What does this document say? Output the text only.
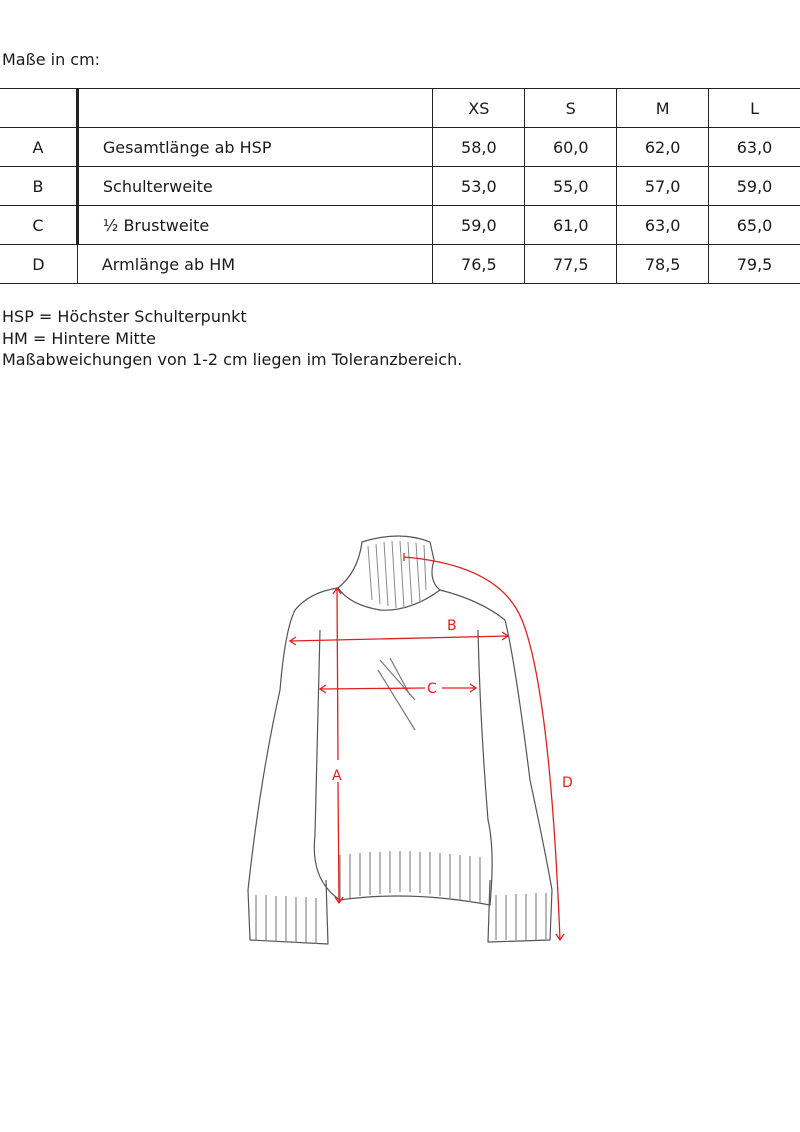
Maße in cm:
		XS	S	M	L
A	Gesamtlänge ab HSP	58,0	60,0	62,0	63,0
B	Schulterweite	53,0	55,0	57,0	59,0
C	½ Brustweite	59,0	61,0	63,0	65,0
D	Armlänge ab HM	76,5	77,5	78,5	79,5
HSP = Höchster Schulterpunkt
HM = Hintere Mitte
Maßabweichungen von 1-2 cm liegen im Toleranzbereich.
A
B
C
D
